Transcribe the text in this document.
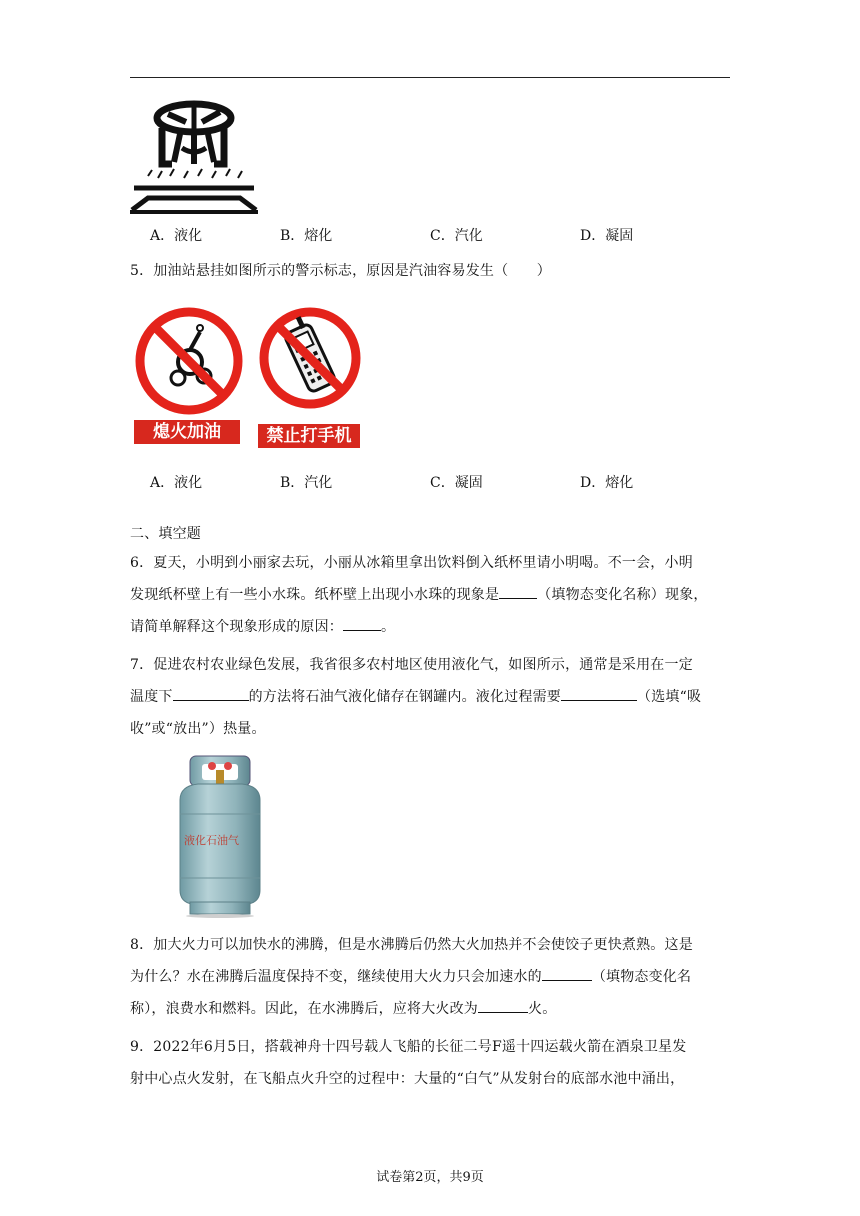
A．液化	B．熔化	C．汽化	D．凝固
5．加油站悬挂如图所示的警示标志，原因是汽油容易发生（　　）
熄火加油	禁止打手机
A．液化	B．汽化	C．凝固	D．熔化
二、填空题
6．夏天，小明到小丽家去玩，小丽从冰箱里拿出饮料倒入纸杯里请小明喝。不一会，小明
发现纸杯壁上有一些小水珠。纸杯壁上出现小水珠的现象是	（填物态变化名称）现象，
请简单解释这个现象形成的原因：	。
7．促进农村农业绿色发展，我省很多农村地区使用液化气，如图所示，通常是采用在一定
温度下	的方法将石油气液化储存在钢罐内。液化过程需要	（选填“吸
收”或“放出”）热量。
液化石油气
8．加大火力可以加快水的沸腾，但是水沸腾后仍然大火加热并不会使饺子更快煮熟。这是
为什么？水在沸腾后温度保持不变，继续使用大火力只会加速水的	（填物态变化名
称），浪费水和燃料。因此，在水沸腾后，应将大火改为	火。
9．2022年6月5日，搭载神舟十四号载人飞船的长征二号F遥十四运载火箭在酒泉卫星发
射中心点火发射，在飞船点火升空的过程中：大量的“白气”从发射台的底部水池中涌出，
试卷第2页，共9页
